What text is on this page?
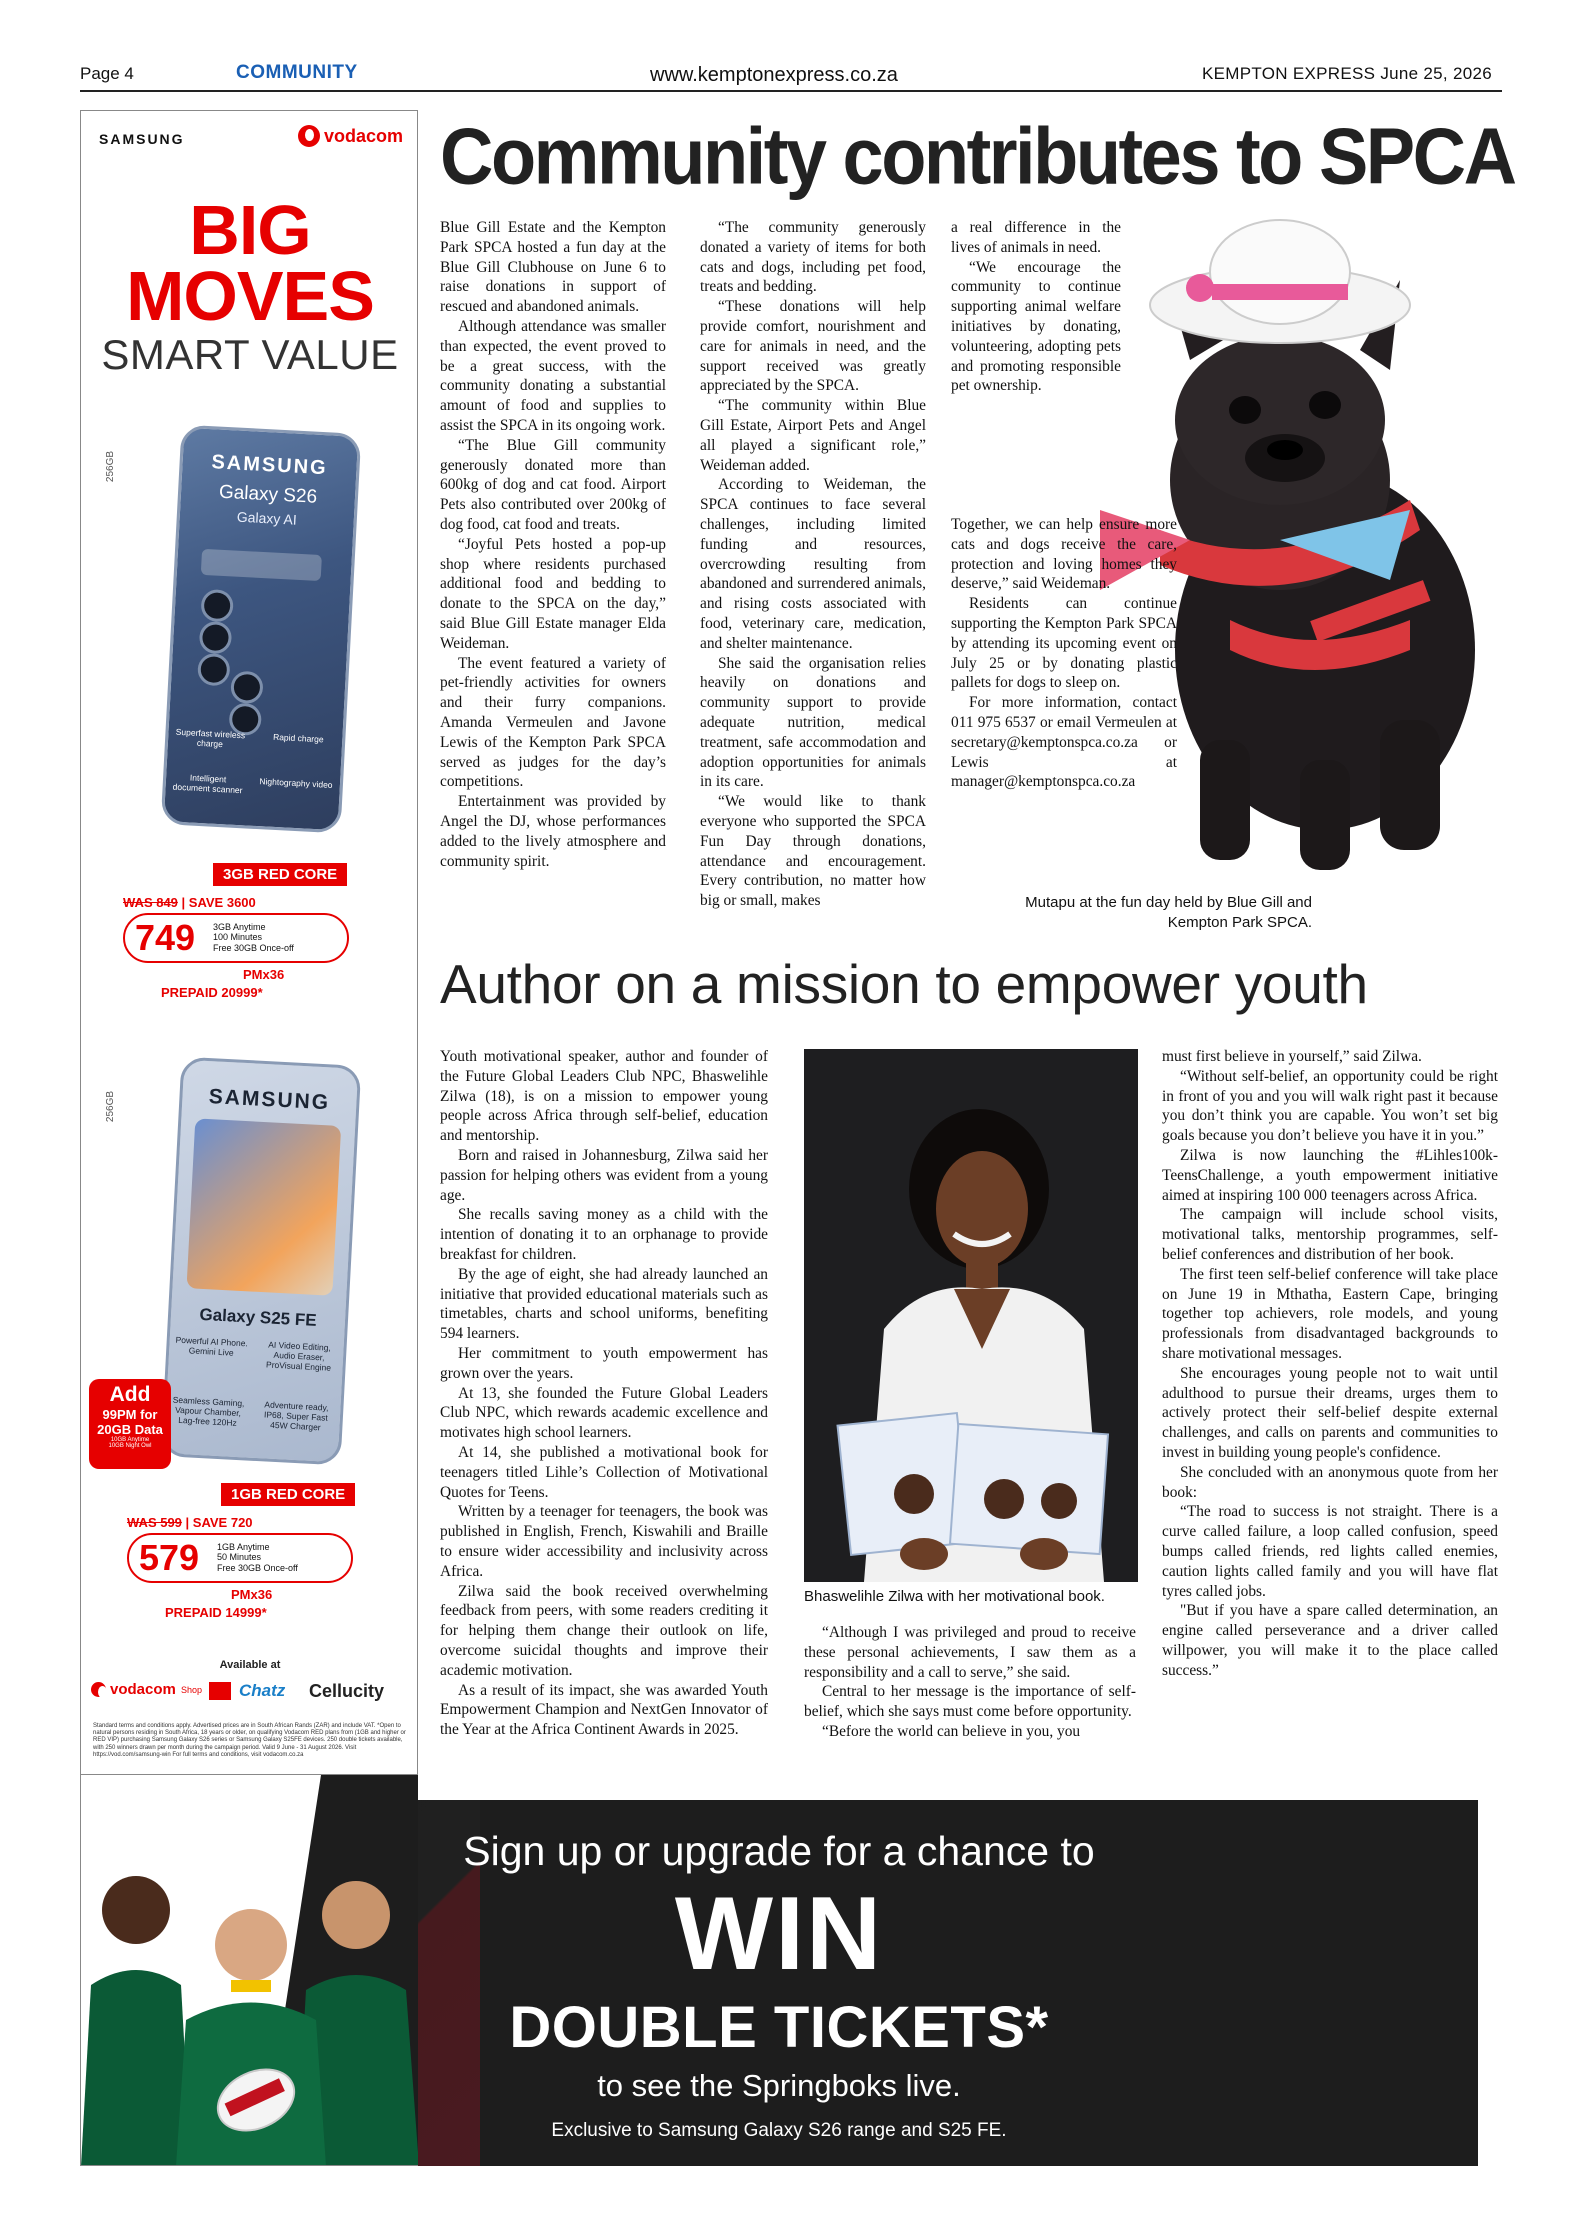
Page 4	COMMUNITY	www.kemptonexpress.co.za	KEMPTON EXPRESS June 25, 2026
SAMSUNG	vodacom
BIG
MOVES
SMART VALUE
256GB	SAMSUNG
Galaxy S26
Galaxy AI
Superfast wireless charge	Rapid charge
Intelligent document scanner	Nightography video
3GB RED CORE
WAS 849 | SAVE 3600
749 3GB Anytime
100 Minutes
Free 30GB Once-off
PMx36
PREPAID 20999*
256GB	SAMSUNG
Galaxy S25 FE
Powerful AI Phone. Gemini Live	AI Video Editing, Audio Eraser, ProVisual Engine
Seamless Gaming, Vapour Chamber, Lag-free 120Hz
Adventure ready, IP68, Super Fast 45W Charger
Add
99PM for
20GB Data
10GB Anytime
10GB Night Owl
1GB RED CORE
WAS 599 | SAVE 720
579 1GB Anytime
50 Minutes
Free 30GB Once-off
PMx36
PREPAID 14999*
Available at
vodacom Shop Chatz Cellucity
Standard terms and conditions apply. Advertised prices are in South African Rands (ZAR) and include VAT. *Open to natural persons residing in South Africa, 18 years or older, on qualifying Vodacom RED plans from (1GB and higher or RED VIP) purchasing Samsung Galaxy S26 series or Samsung Galaxy S25FE devices. 250 double tickets available, with 250 winners drawn per month during the campaign period. Valid 9 June - 31 August 2026. Visit https://vod.com/samsung-win For full terms and conditions, visit vodacom.co.za
Community contributes to SPCA

Blue Gill Estate and the Kempton Park SPCA hosted a fun day at the Blue Gill Clubhouse on June 6 to raise donations in support of rescued and abandoned animals.

Although attendance was smaller than expected, the event proved to be a great success, with the community donating a substantial amount of food and supplies to assist the SPCA in its ongoing work.

“The Blue Gill community generously donated more than 600kg of dog and cat food. Airport Pets also contributed over 200kg of dog food, cat food and treats.

“Joyful Pets hosted a pop-up shop where residents purchased additional food and bedding to donate to the SPCA on the day,” said Blue Gill Estate manager Elda Weideman.

The event featured a variety of pet-friendly activities for owners and their furry companions. Amanda Vermeulen and Javone Lewis of the Kempton Park SPCA served as judges for the day’s competitions.

Entertainment was provided by Angel the DJ, whose performances added to the lively atmosphere and community spirit.

“The community generously donated a variety of items for both cats and dogs, including pet food, treats and bedding.

“These donations will help provide comfort, nourishment and care for animals in need, and the support received was greatly appreciated by the SPCA.

“The community within Blue Gill Estate, Airport Pets and Angel all played a significant role,” Weideman added.

According to Weideman, the SPCA continues to face several challenges, including limited funding and resources, overcrowding resulting from abandoned and surrendered animals, and rising costs associated with food, veterinary care, medication, and shelter maintenance.

She said the organisation relies heavily on donations and community support to provide adequate nutrition, medical treatment, safe accommodation and adoption opportunities for animals in its care.

“We would like to thank everyone who supported the SPCA Fun Day through donations, attendance and encouragement. Every contribution, no matter how big or small, makes

a real difference in the lives of animals in need.

“We encourage the community to continue supporting animal welfare initiatives by donating, volunteering, adopting pets and promoting responsible pet ownership.

Together, we can help ensure more cats and dogs receive the care, protection and loving homes they deserve,” said Weideman.

Residents can continue supporting the Kempton Park SPCA by attending its upcoming event on July 25 or by donating plastic pallets for dogs to sleep on.

For more information, contact 011 975 6537 or email Vermeulen at secretary@kemptonspca.co.za or Lewis at manager@kemptonspca.co.za

Mutapu at the fun day held by Blue Gill and Kempton Park SPCA.
Author on a mission to empower youth

Youth motivational speaker, author and founder of the Future Global Leaders Club NPC, Bhaswelihle Zilwa (18), is on a mission to empower young people across Africa through self-belief, education and mentorship.

Born and raised in Johannesburg, Zilwa said her passion for helping others was evident from a young age.

She recalls saving money as a child with the intention of donating it to an orphanage to provide breakfast for children.

By the age of eight, she had already launched an initiative that provided educational materials such as timetables, charts and school uniforms, benefiting 594 learners.

Her commitment to youth empowerment has grown over the years.

At 13, she founded the Future Global Leaders Club NPC, which rewards academic excellence and motivates high school learners.

At 14, she published a motivational book for teenagers titled Lihle’s Collection of Motivational Quotes for Teens.

Written by a teenager for teenagers, the book was published in English, French, Kiswahili and Braille to ensure wider accessibility and inclusivity across Africa.

Zilwa said the book received overwhelming feedback from peers, with some readers crediting it for helping them change their outlook on life, overcome suicidal thoughts and improve their academic motivation.

As a result of its impact, she was awarded Youth Empowerment Champion and NextGen Innovator of the Year at the Africa Continent Awards in 2025.

Bhaswelihle Zilwa with her motivational book.

“Although I was privileged and proud to receive these personal achievements, I saw them as a responsibility and a call to serve,” she said.

Central to her message is the importance of self-belief, which she says must come before opportunity.

“Before the world can believe in you, you

must first believe in yourself,” said Zilwa.

“Without self-belief, an opportunity could be right in front of you and you will walk right past it because you don’t think you are capable. You won’t set big goals because you don’t believe you have it in you.”

Zilwa is now launching the #Lihles100k-TeensChallenge, a youth empowerment initiative aimed at inspiring 100 000 teenagers across Africa.

The campaign will include school visits, motivational talks, mentorship programmes, self-belief conferences and distribution of her book.

The first teen self-belief conference will take place on June 19 in Mthatha, Eastern Cape, bringing together top achievers, role models, and young professionals from disadvantaged backgrounds to share motivational messages.

She encourages young people not to wait until adulthood to pursue their dreams, urges them to actively protect their self-belief despite external challenges, and calls on parents and communities to invest in building young people's confidence.

She concluded with an anonymous quote from her book:

“The road to success is not straight. There is a curve called failure, a loop called confusion, speed bumps called friends, red lights called enemies, caution lights called family and you will have flat tyres called jobs.

"But if you have a spare called determination, an engine called perseverance and a driver called willpower, you will make it to the place called success.”

Sign up or upgrade for a chance to
WIN
DOUBLE TICKETS*
to see the Springboks live.
Exclusive to Samsung Galaxy S26 range and S25 FE.
